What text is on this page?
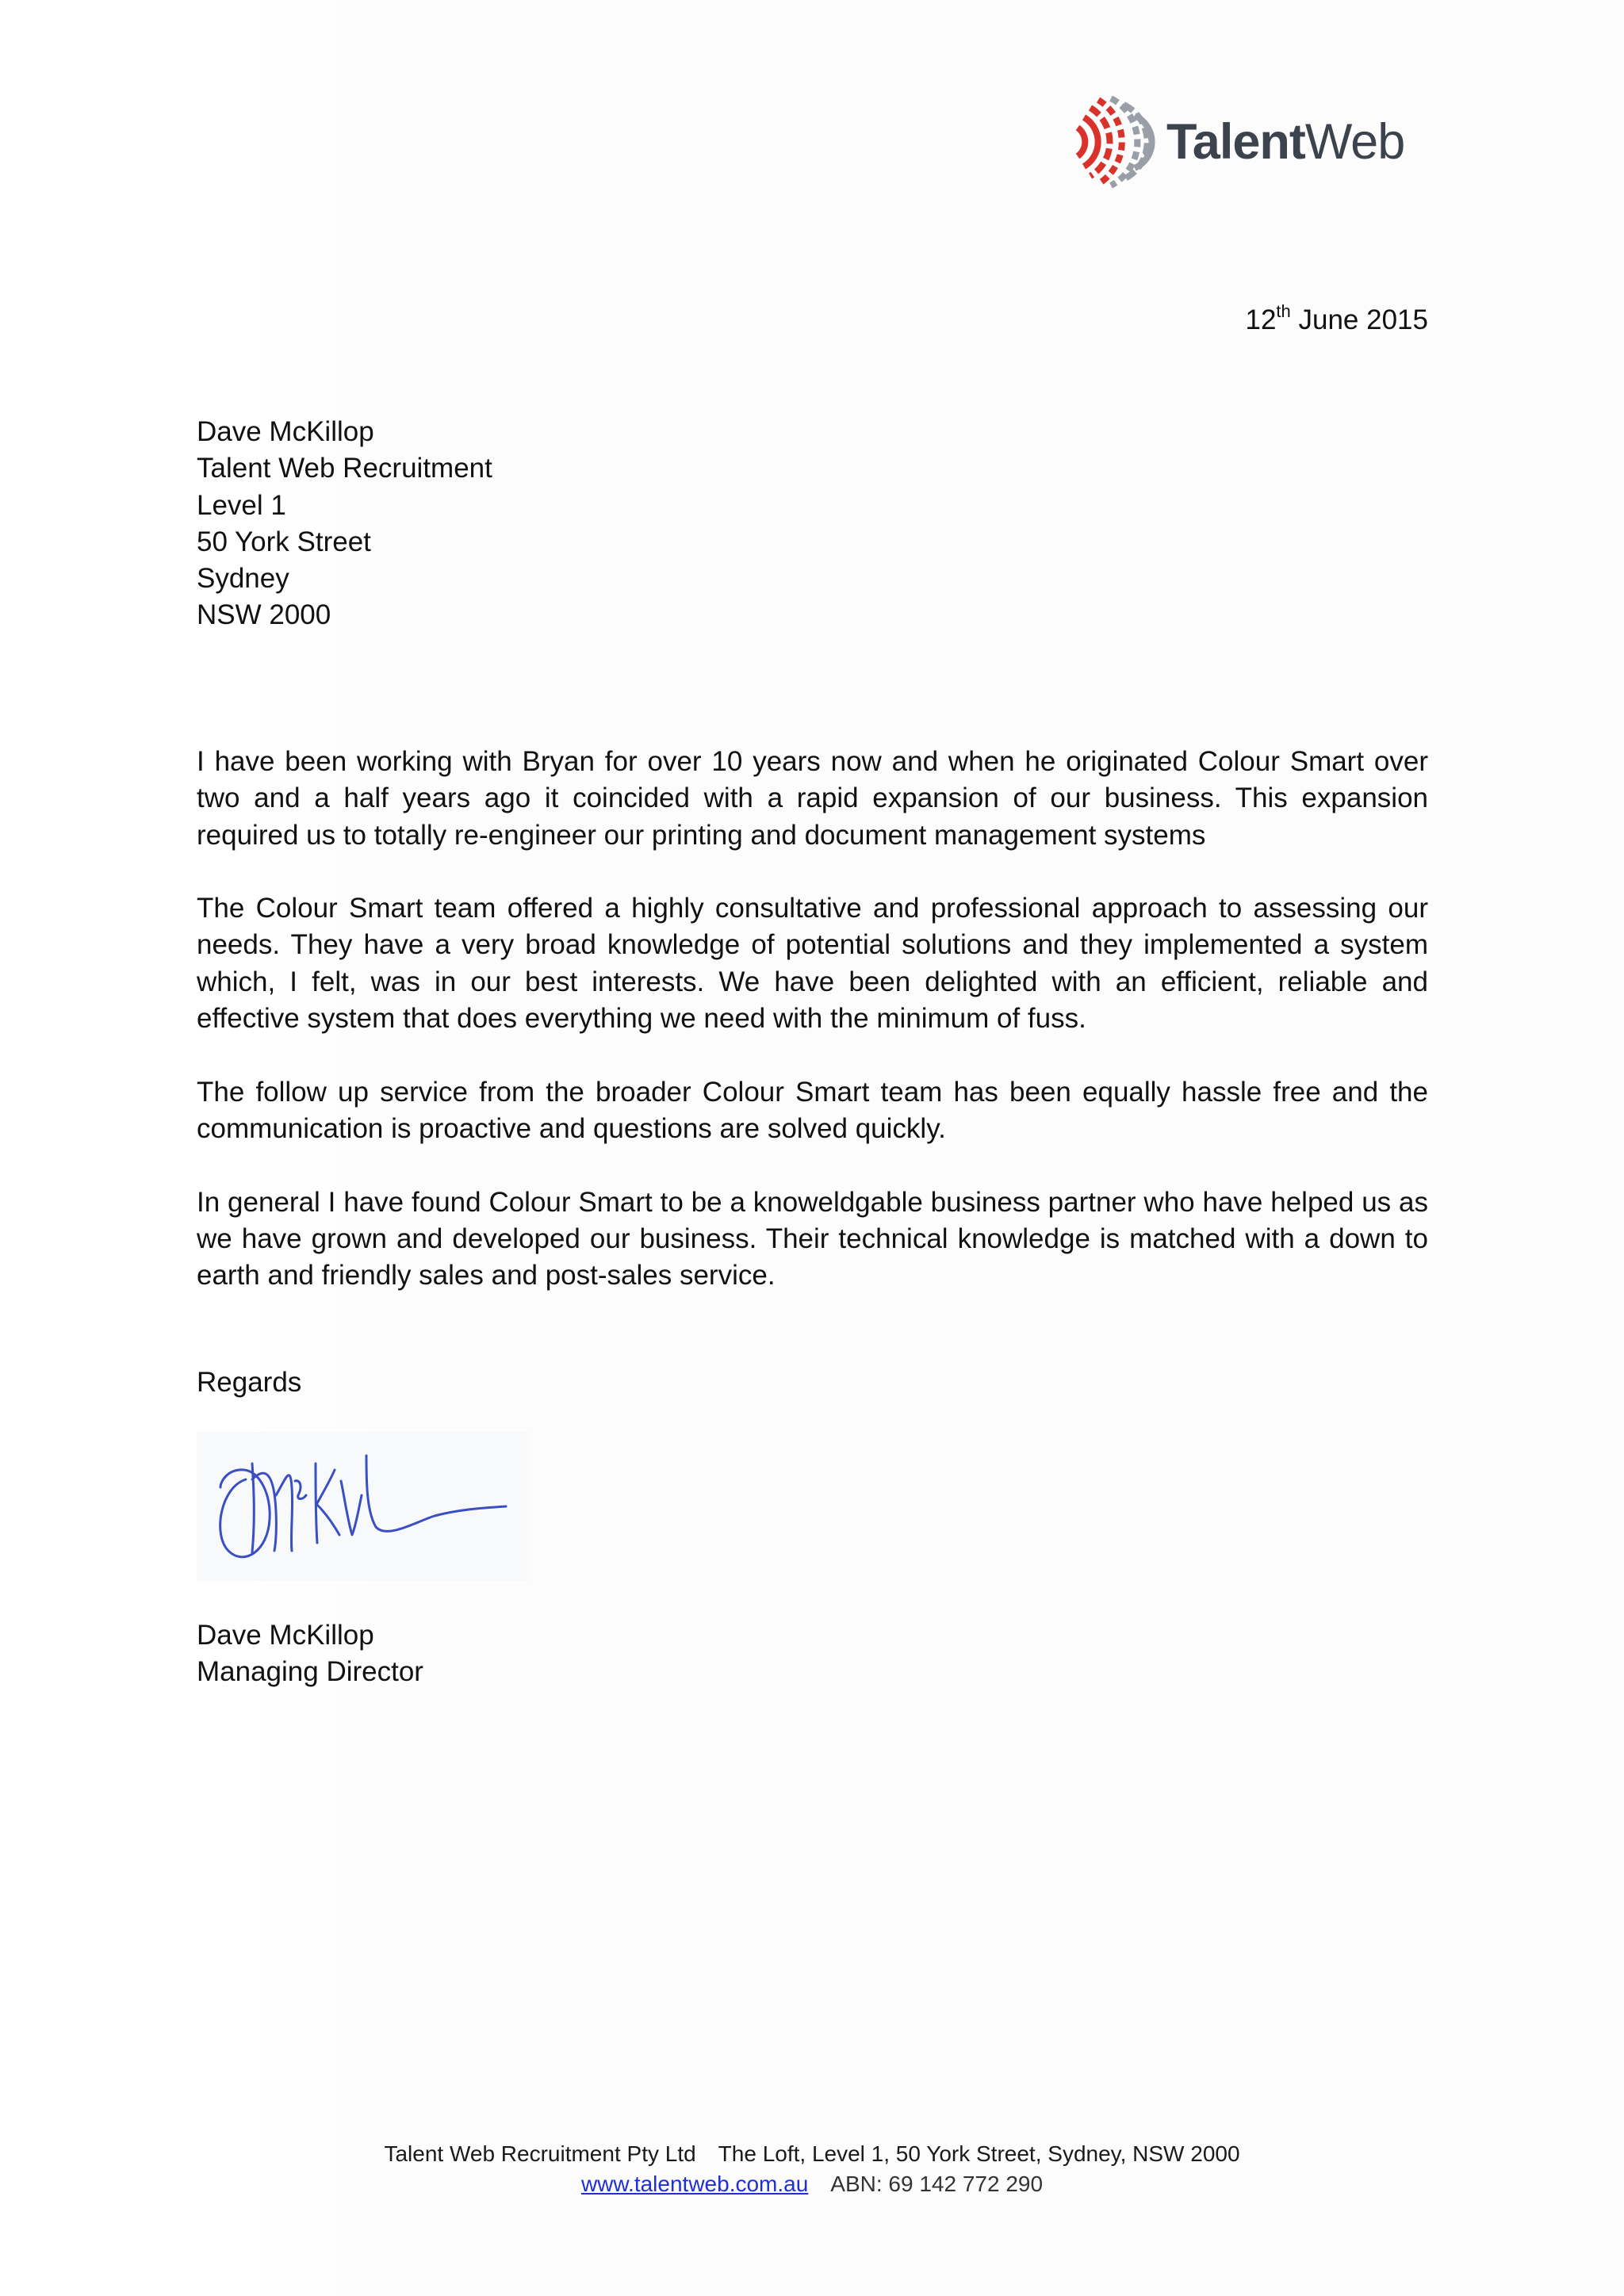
TalentWeb
12th June 2015
Dave McKillop
Talent Web Recruitment
Level 1
50 York Street
Sydney
NSW 2000

I have been working with Bryan for over 10 years now and when he originated Colour Smart over two and a half years ago it coincided with a rapid expansion of our business. This expansion required us to totally re-engineer our printing and document management systems

The Colour Smart team offered a highly consultative and professional approach to assessing our needs. They have a very broad knowledge of potential solutions and they implemented a system which, I felt, was in our best interests. We have been delighted with an efficient, reliable and effective system that does everything we need with the minimum of fuss.

The follow up service from the broader Colour Smart team has been equally hassle free and the communication is proactive and questions are solved quickly.

In general I have found Colour Smart to be a knoweldgable business partner who have helped us as we have grown and developed our business. Their technical knowledge is matched with a down to earth and friendly sales and post-sales service.

Regards
Dave McKillop
Managing Director
Talent Web Recruitment Pty Ltd The Loft, Level 1, 50 York Street, Sydney, NSW 2000
www.talentweb.com.au ABN: 69 142 772 290
